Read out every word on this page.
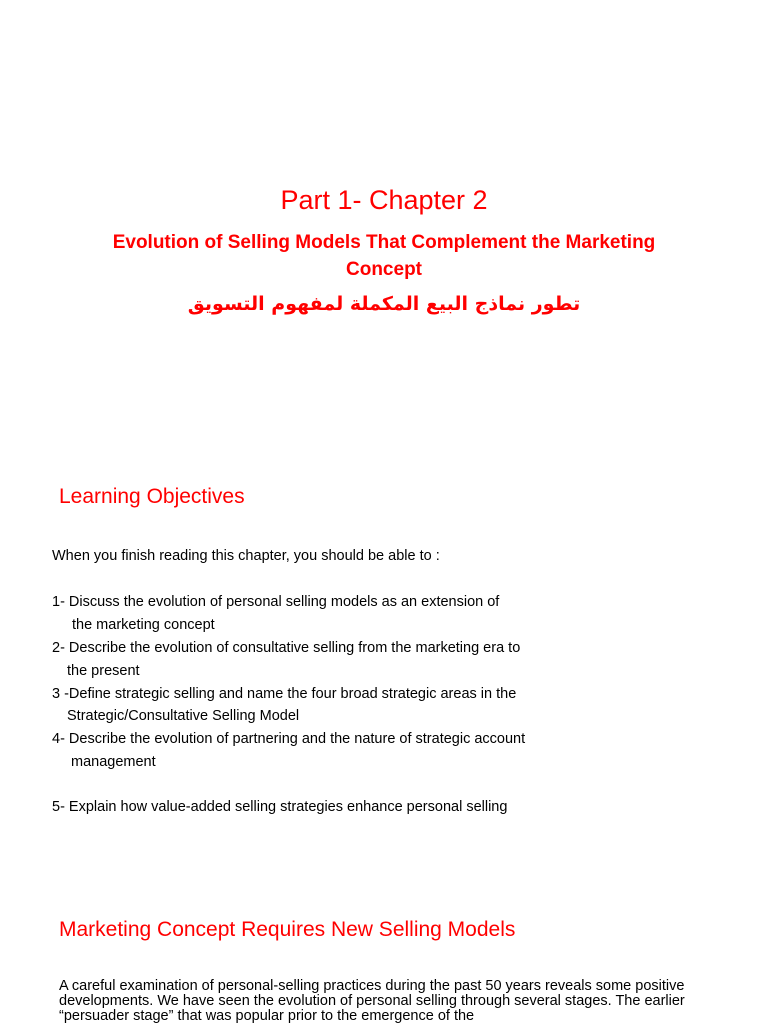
Part 1- Chapter 2
Evolution of Selling Models That Complement the Marketing Concept
تطور نماذج البيع المكملة لمفهوم التسويق
Learning Objectives
When you finish reading this chapter, you should be able to :
1- Discuss the evolution of personal selling models as an extension of
the marketing concept
2- Describe the evolution of consultative selling from the marketing era to
the present
3 -Define strategic selling and name the four broad strategic areas in the
Strategic/Consultative Selling Model
4- Describe the evolution of partnering and the nature of strategic account
management
5- Explain how value-added selling strategies enhance personal selling
Marketing Concept Requires New Selling Models
A careful examination of personal-selling practices during the past 50 years reveals some positive developments. We have seen the evolution of personal selling through several stages. The earlier “persuader stage” that was popular prior to the emergence of the
